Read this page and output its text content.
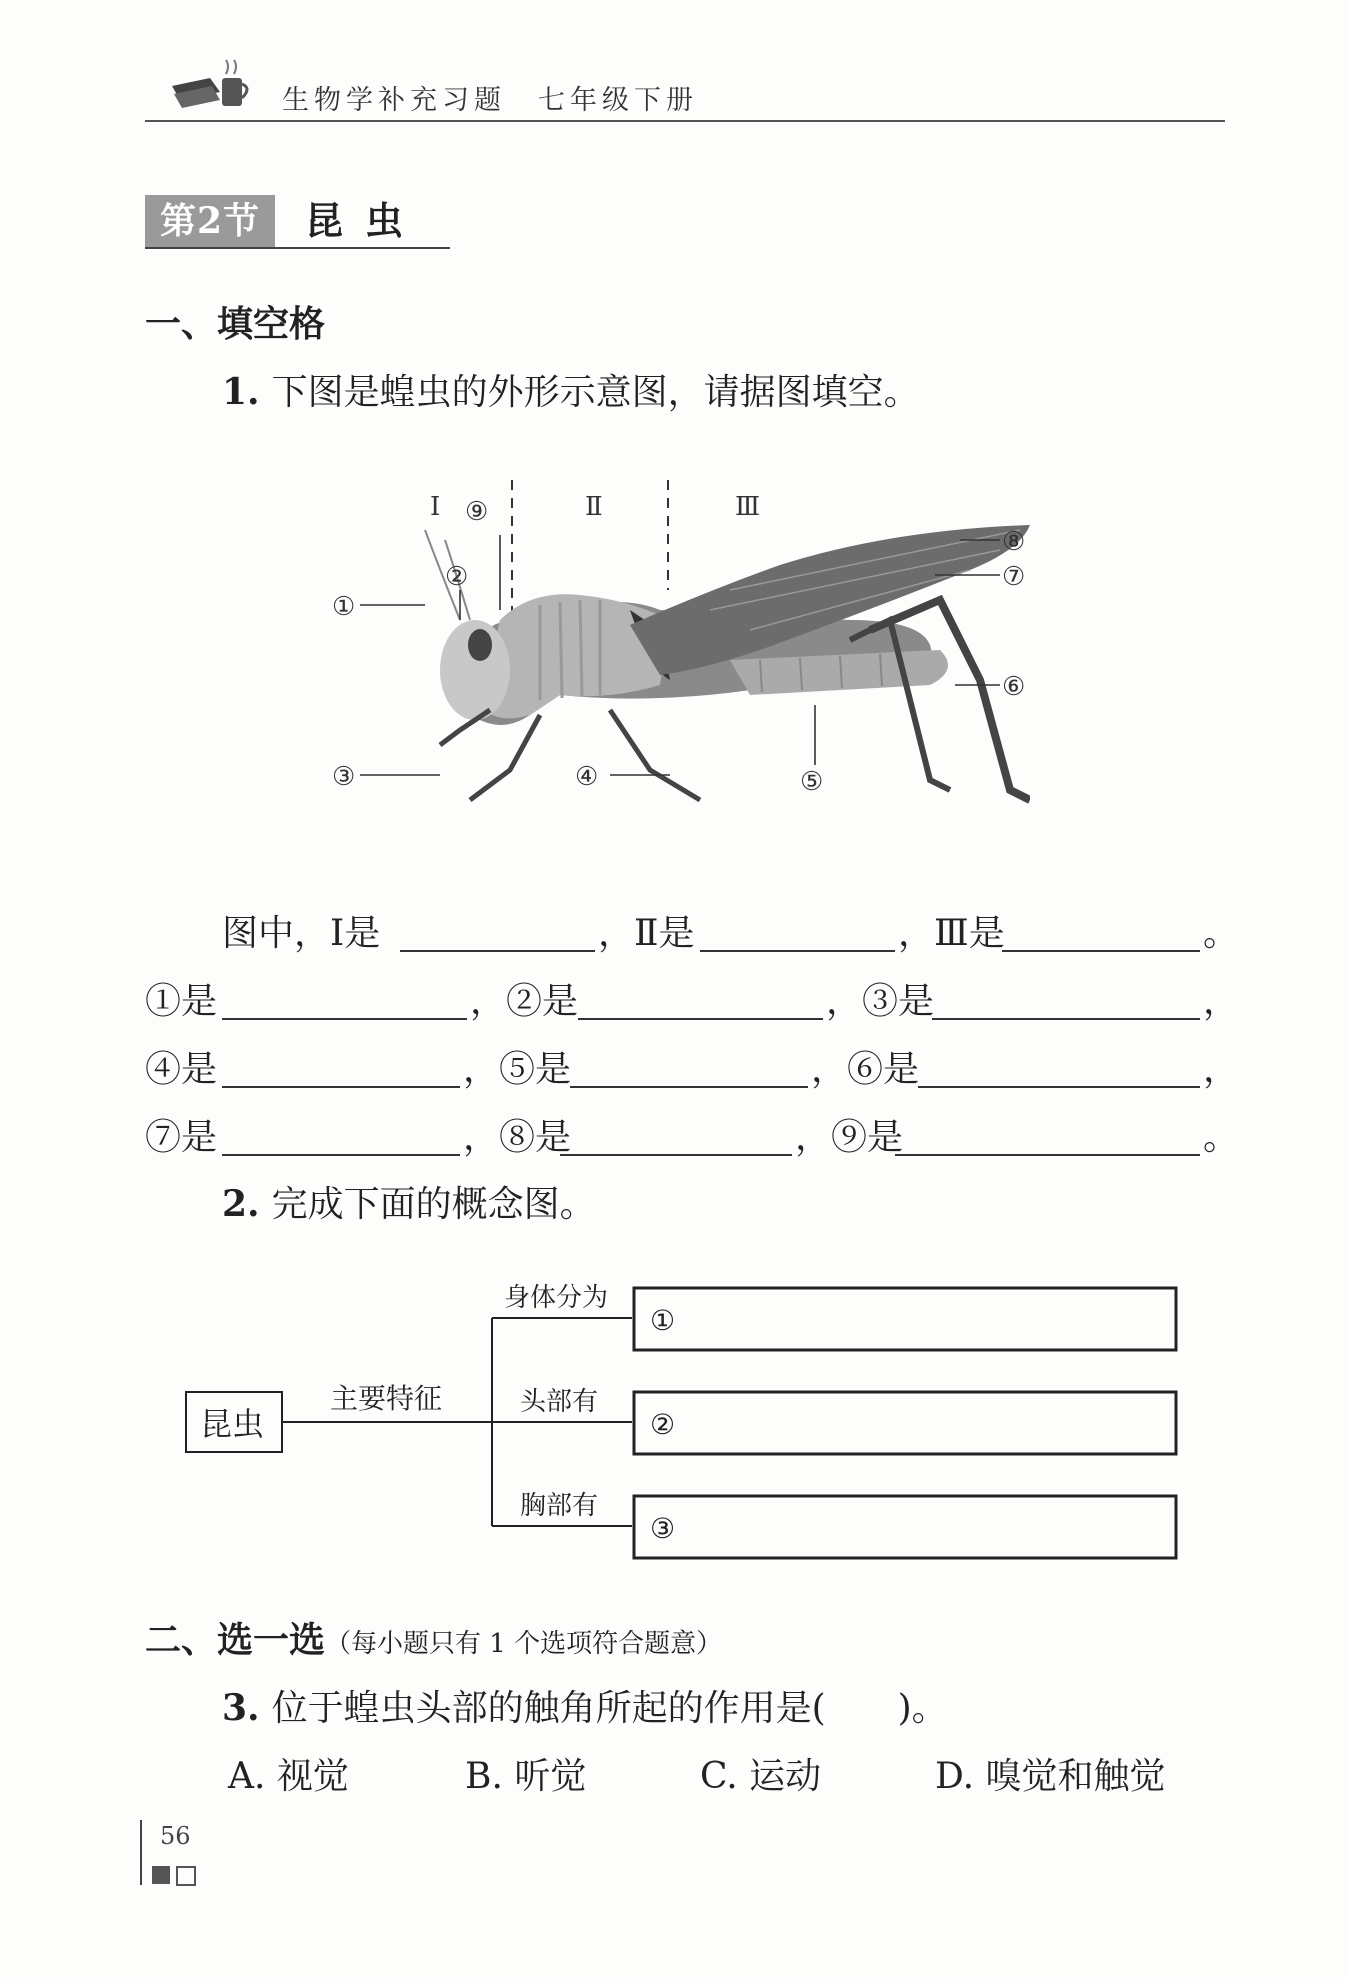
生物学补充习题　七年级下册
第2节	昆虫
一、填空格
1. 下图是蝗虫的外形示意图，请据图填空。
Ⅰ	Ⅱ	Ⅲ
⑨
②
①
③	④	⑤
⑥
⑦
⑧
图中，Ⅰ是	，Ⅱ是	，Ⅲ是	。
①是	，②是	，③是	，
④是	，⑤是	，⑥是	，
⑦是	，⑧是	，⑨是	。
2. 完成下面的概念图。
昆虫
主要特征
身体分为
头部有
胸部有
①
②
③
二、选一选（每小题只有 1 个选项符合题意）
3. 位于蝗虫头部的触角所起的作用是(　　)。
A. 视觉	B. 听觉	C. 运动	D. 嗅觉和触觉
56
